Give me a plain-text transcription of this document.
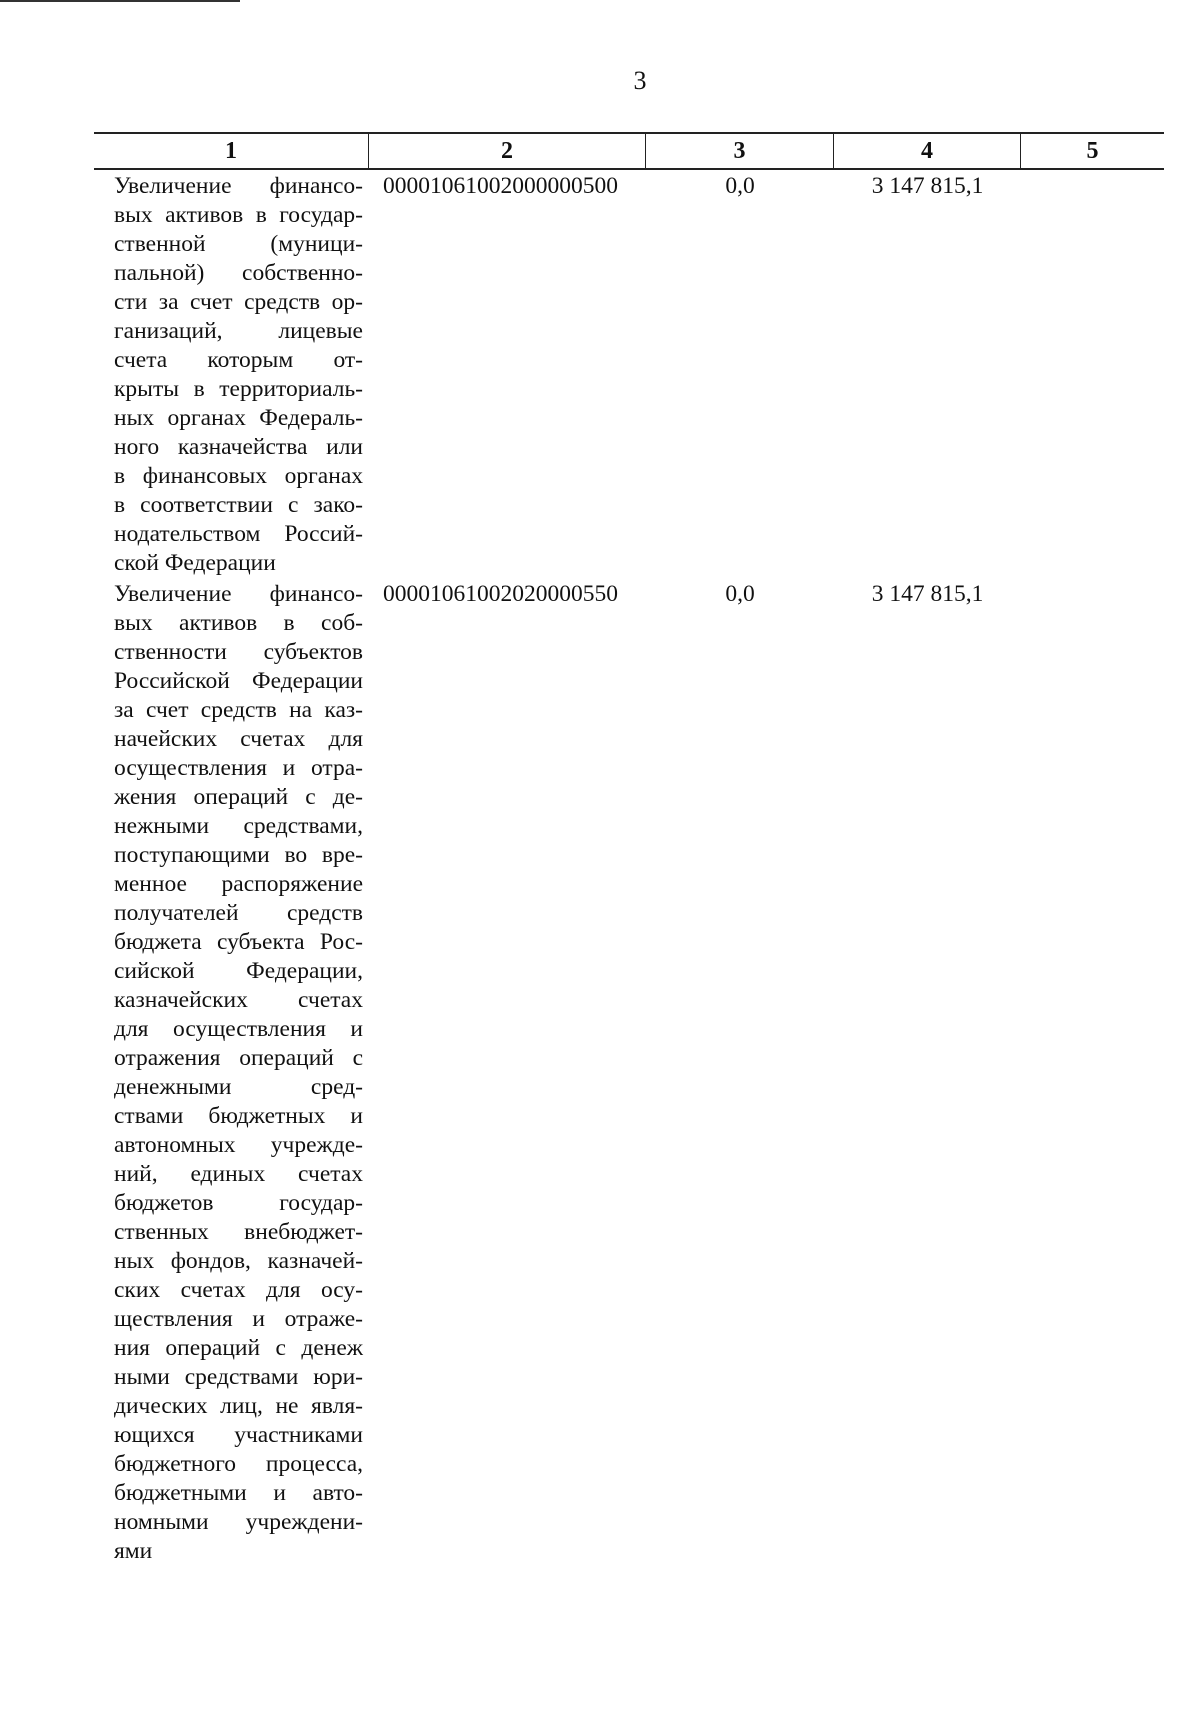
3
1	2	3	4	5
Увеличение финансо-
вых активов в государ-
ственной (муници-
пальной) собственно-
сти за счет средств ор-
ганизаций, лицевые
счета которым от-
крыты в территориаль-
ных органах Федераль-
ного казначейства или
в финансовых органах
в соответствии с зако-
нодательством Россий-
ской Федерации
00001061002000000500	0,0	3 147 815,1
Увеличение финансо-
вых активов в соб-
ственности субъектов
Российской Федерации
за счет средств на каз-
начейских счетах для
осуществления и отра-
жения операций с де-
нежными средствами,
поступающими во вре-
менное распоряжение
получателей средств
бюджета субъекта Рос-
сийской Федерации,
казначейских счетах
для осуществления и
отражения операций с
денежными сред-
ствами бюджетных и
автономных учрежде-
ний, единых счетах
бюджетов государ-
ственных внебюджет-
ных фондов, казначей-
ских счетах для осу-
ществления и отраже-
ния операций с денеж
ными средствами юри-
дических лиц, не явля-
ющихся участниками
бюджетного процесса,
бюджетными и авто-
номными учреждени-
ями
00001061002020000550	0,0	3 147 815,1
